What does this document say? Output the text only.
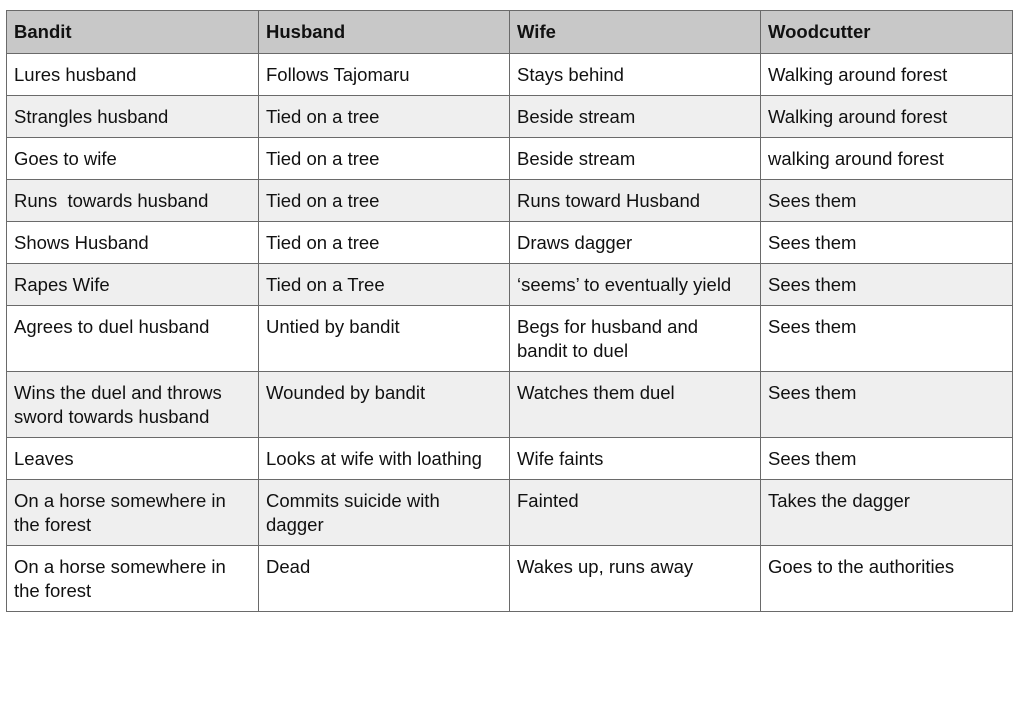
Bandit	Husband	Wife	Woodcutter
Lures husband	Follows Tajomaru	Stays behind	Walking around forest
Strangles husband	Tied on a tree	Beside stream	Walking around forest
Goes to wife	Tied on a tree	Beside stream	walking around forest
Runs  towards husband	Tied on a tree	Runs toward Husband	Sees them
Shows Husband	Tied on a tree	Draws dagger	Sees them
Rapes Wife	Tied on a Tree	‘seems’ to eventually yield	Sees them
Agrees to duel husband	Untied by bandit	Begs for husband and bandit to duel	Sees them
Wins the duel and throws sword towards husband	Wounded by bandit	Watches them duel	Sees them
Leaves	Looks at wife with loathing	Wife faints	Sees them
On a horse somewhere in the forest	Commits suicide with dagger	Fainted	Takes the dagger
On a horse somewhere in the forest	Dead	Wakes up, runs away	Goes to the authorities
